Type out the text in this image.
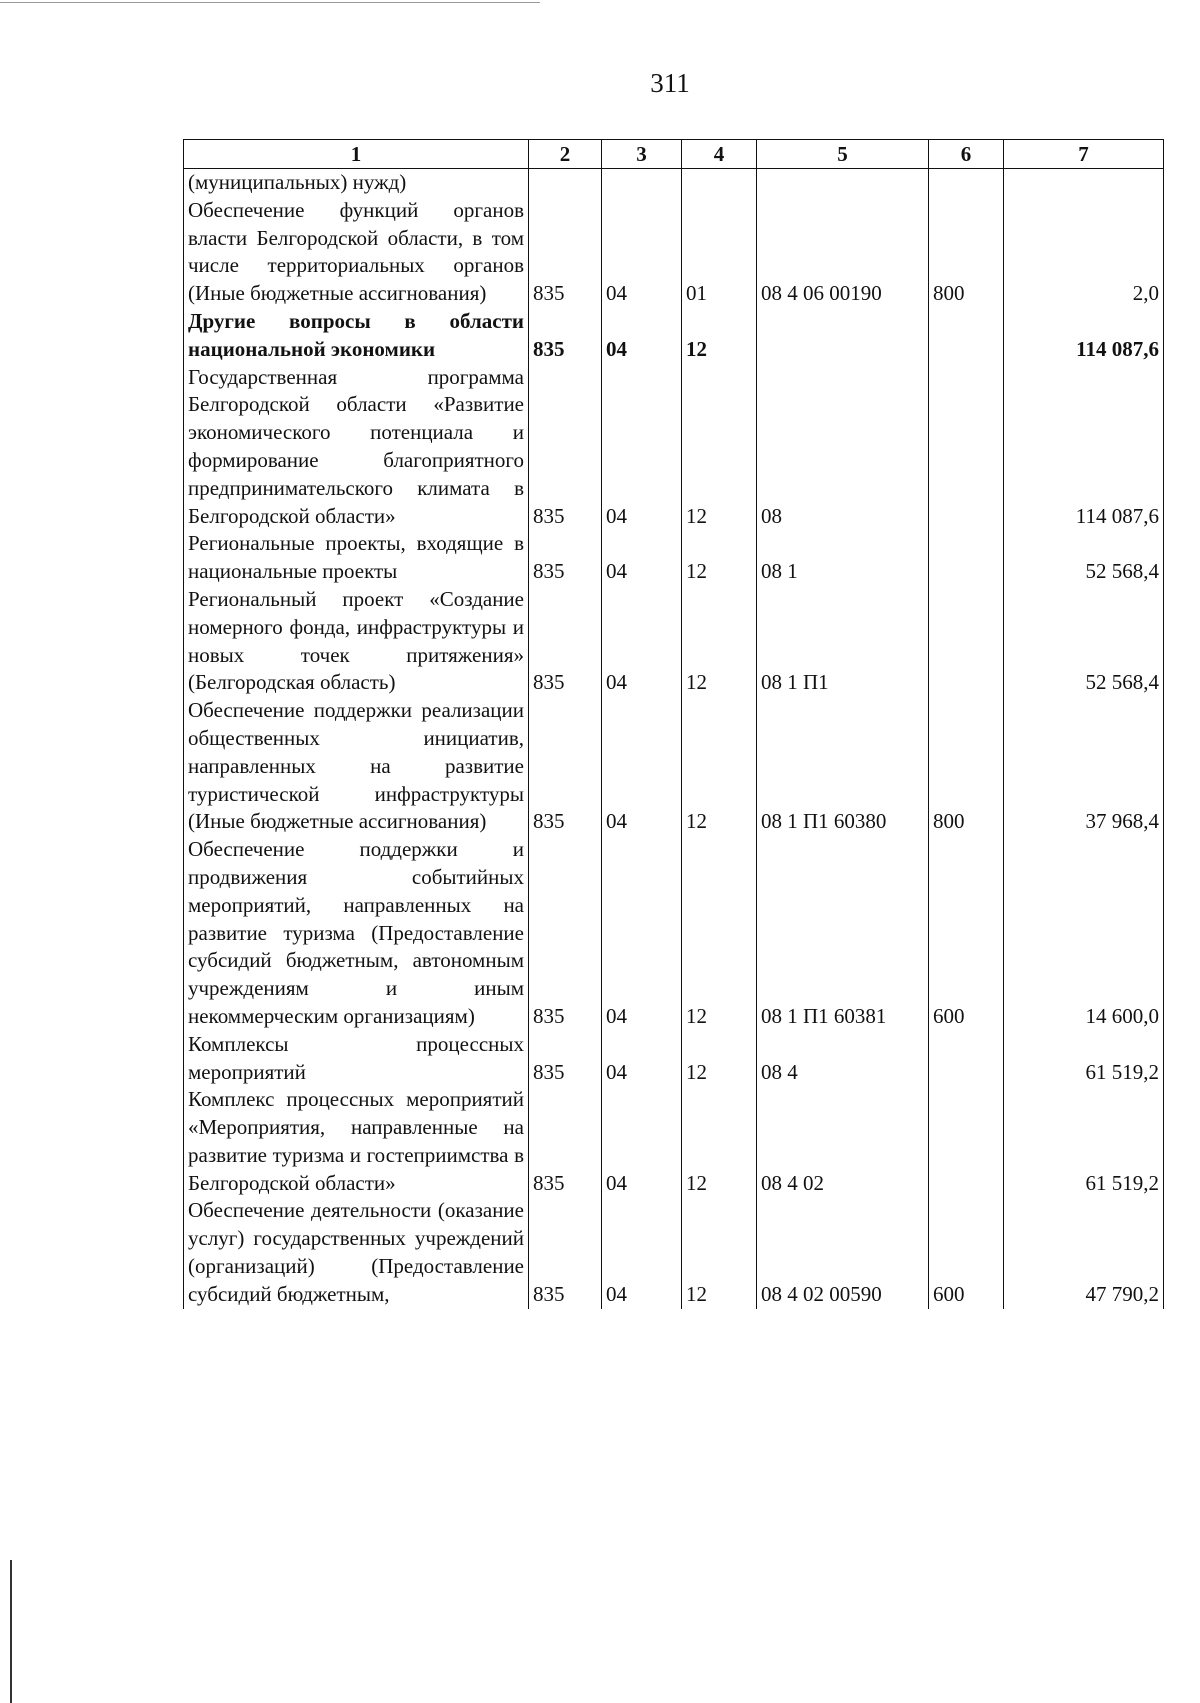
311
1	2	3	4	5	6	7
(муниципальных) нужд)						
Обеспечение функций органов власти Белгородской области, в том числе территориальных органов (Иные бюджетные ассигнования)	835	04	01	08 4 06 00190	800	2,0
Другие вопросы в области национальной экономики	835	04	12			114 087,6
Государственная программа Белгородской области «Развитие экономического потенциала и формирование благоприятного предпринимательского климата в Белгородской области»	835	04	12	08		114 087,6
Региональные проекты, входящие в национальные проекты	835	04	12	08 1		52 568,4
Региональный проект «Создание номерного фонда, инфраструктуры и новых точек притяжения» (Белгородская область)	835	04	12	08 1 П1		52 568,4
Обеспечение поддержки реализации общественных инициатив, направленных на развитие туристической инфраструктуры (Иные бюджетные ассигнования)	835	04	12	08 1 П1 60380	800	37 968,4
Обеспечение поддержки и продвижения событийных мероприятий, направленных на развитие туризма (Предоставление субсидий бюджетным, автономным учреждениям и иным некоммерческим организациям)	835	04	12	08 1 П1 60381	600	14 600,0
Комплексы процессных мероприятий	835	04	12	08 4		61 519,2
Комплекс процессных мероприятий «Мероприятия, направленные на развитие туризма и гостеприимства в Белгородской области»	835	04	12	08 4 02		61 519,2
Обеспечение деятельности (оказание услуг) государственных учреждений (организаций) (Предоставление субсидий бюджетным,	835	04	12	08 4 02 00590	600	47 790,2
